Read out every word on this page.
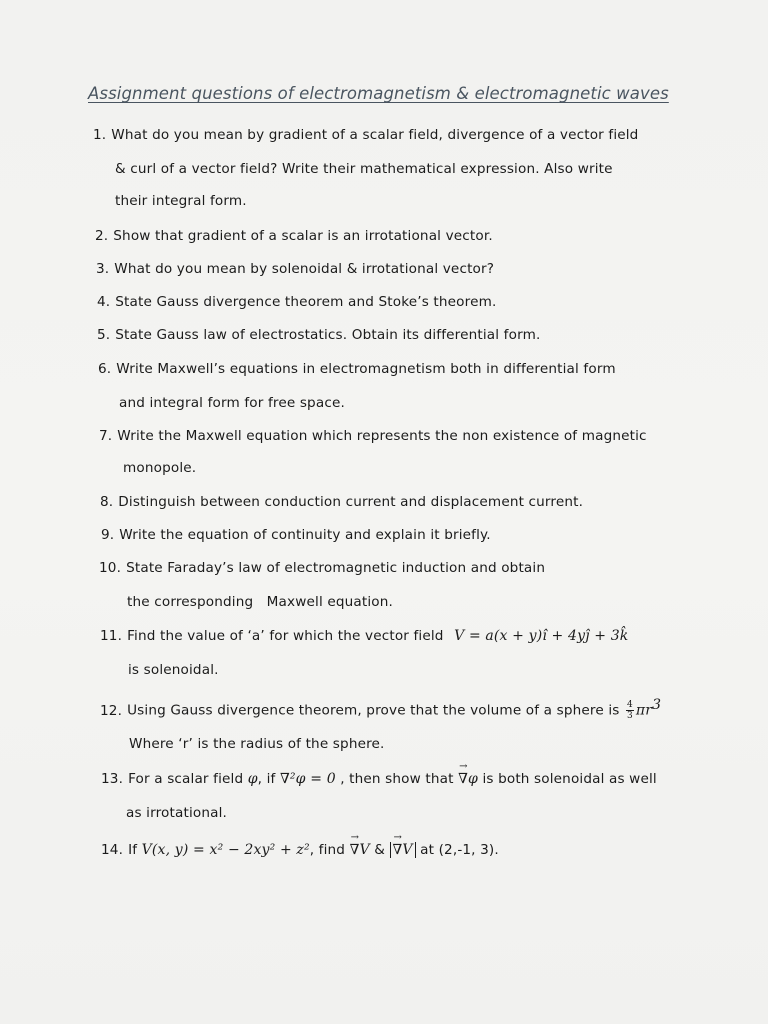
Assignment questions of electromagnetism & electromagnetic waves
1. What do you mean by gradient of a scalar field, divergence of a vector field
& curl of a vector field? Write their mathematical expression. Also write
their integral form.
2. Show that gradient of a scalar is an irrotational vector.
3. What do you mean by solenoidal & irrotational vector?
4. State Gauss divergence theorem and Stoke’s theorem.
5. State Gauss law of electrostatics. Obtain its differential form.
6. Write Maxwell’s equations in electromagnetism both in differential form
and integral form for free space.
7. Write the Maxwell equation which represents the non existence of magnetic
monopole.
8. Distinguish between conduction current and displacement current.
9. Write the equation of continuity and explain it briefly.
10. State Faraday’s law of electromagnetic induction and obtain
the corresponding   Maxwell equation.
11. Find the value of ‘a’ for which the vector field V = a(x + y)î + 4yĵ + 3k̂
is solenoidal.
12. Using Gauss divergence theorem, prove that the volume of a sphere is $\frac{4}{3} \pi r^3$
Where ‘r’ is the radius of the sphere.
13. For a scalar field φ, if ∇²φ = 0 , then show that → ∇φ is both solenoidal as well
as irrotational.
14. If V(x, y) = x² − 2xy² + z², find → ∇V & → ∇V at (2,-1, 3).
